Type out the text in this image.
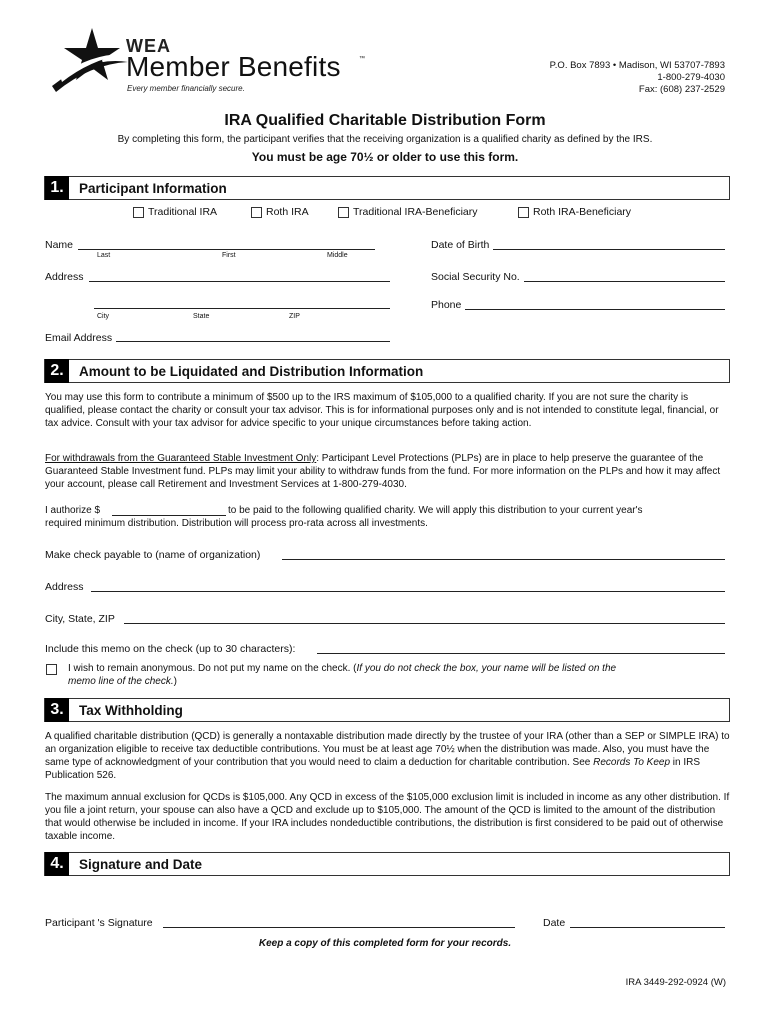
WEA
Member Benefits	™
Every member financially secure.
P.O. Box 7893 • Madison, WI 53707-7893
1-800-279-4030
Fax: (608) 237-2529
IRA Qualified Charitable Distribution Form
By completing this form, the participant verifies that the receiving organization is a qualified charity as defined by the IRS.
You must be age 70½ or older to use this form.
1.	Participant Information
Traditional IRA	Roth IRA	Traditional IRA-Beneficiary	Roth IRA-Beneficiary
Name
Last	First	Middle
Date of Birth
Address	Social Security No.
Phone
City	State	ZIP
Email Address
2.	Amount to be Liquidated and Distribution Information
You may use this form to contribute a minimum of $500 up to the IRS maximum of $105,000 to a qualified charity. If you are not sure the charity is qualified, please contact the charity or consult your tax advisor. This is for informational purposes only and is not intended to constitute legal, financial, or tax advice. Consult with your tax advisor for advice specific to your unique circumstances before taking action.
For withdrawals from the Guaranteed Stable Investment Only: Participant Level Protections (PLPs) are in place to help preserve the guarantee of the Guaranteed Stable Investment fund. PLPs may limit your ability to withdraw funds from the fund. For more information on the PLPs and how it may affect your account, please call Retirement and Investment Services at 1-800-279-4030.
I authorize $	to be paid to the following qualified charity. We will apply this distribution to your current year's
required minimum distribution. Distribution will process pro-rata across all investments.
Make check payable to (name of organization)
Address
City, State, ZIP
Include this memo on the check (up to 30 characters):
I wish to remain anonymous. Do not put my name on the check. (If you do not check the box, your name will be listed on the
memo line of the check.)
3.	Tax Withholding
A qualified charitable distribution (QCD) is generally a nontaxable distribution made directly by the trustee of your IRA (other than a SEP or SIMPLE IRA) to an organization eligible to receive tax deductible contributions. You must be at least age 70½ when the distribution was made. Also, you must have the same type of acknowledgment of your contribution that you would need to claim a deduction for charitable contribution. See Records To Keep in IRS Publication 526.
The maximum annual exclusion for QCDs is $105,000. Any QCD in excess of the $105,000 exclusion limit is included in income as any other distribution. If you file a joint return, your spouse can also have a QCD and exclude up to $105,000. The amount of the QCD is limited to the amount of the distribution that would otherwise be included in income. If your IRA includes nondeductible contributions, the distribution is first considered to be paid out of otherwise taxable income.
4.	Signature and Date
Participant 's Signature	Date
Keep a copy of this completed form for your records.
IRA 3449-292-0924 (W)
